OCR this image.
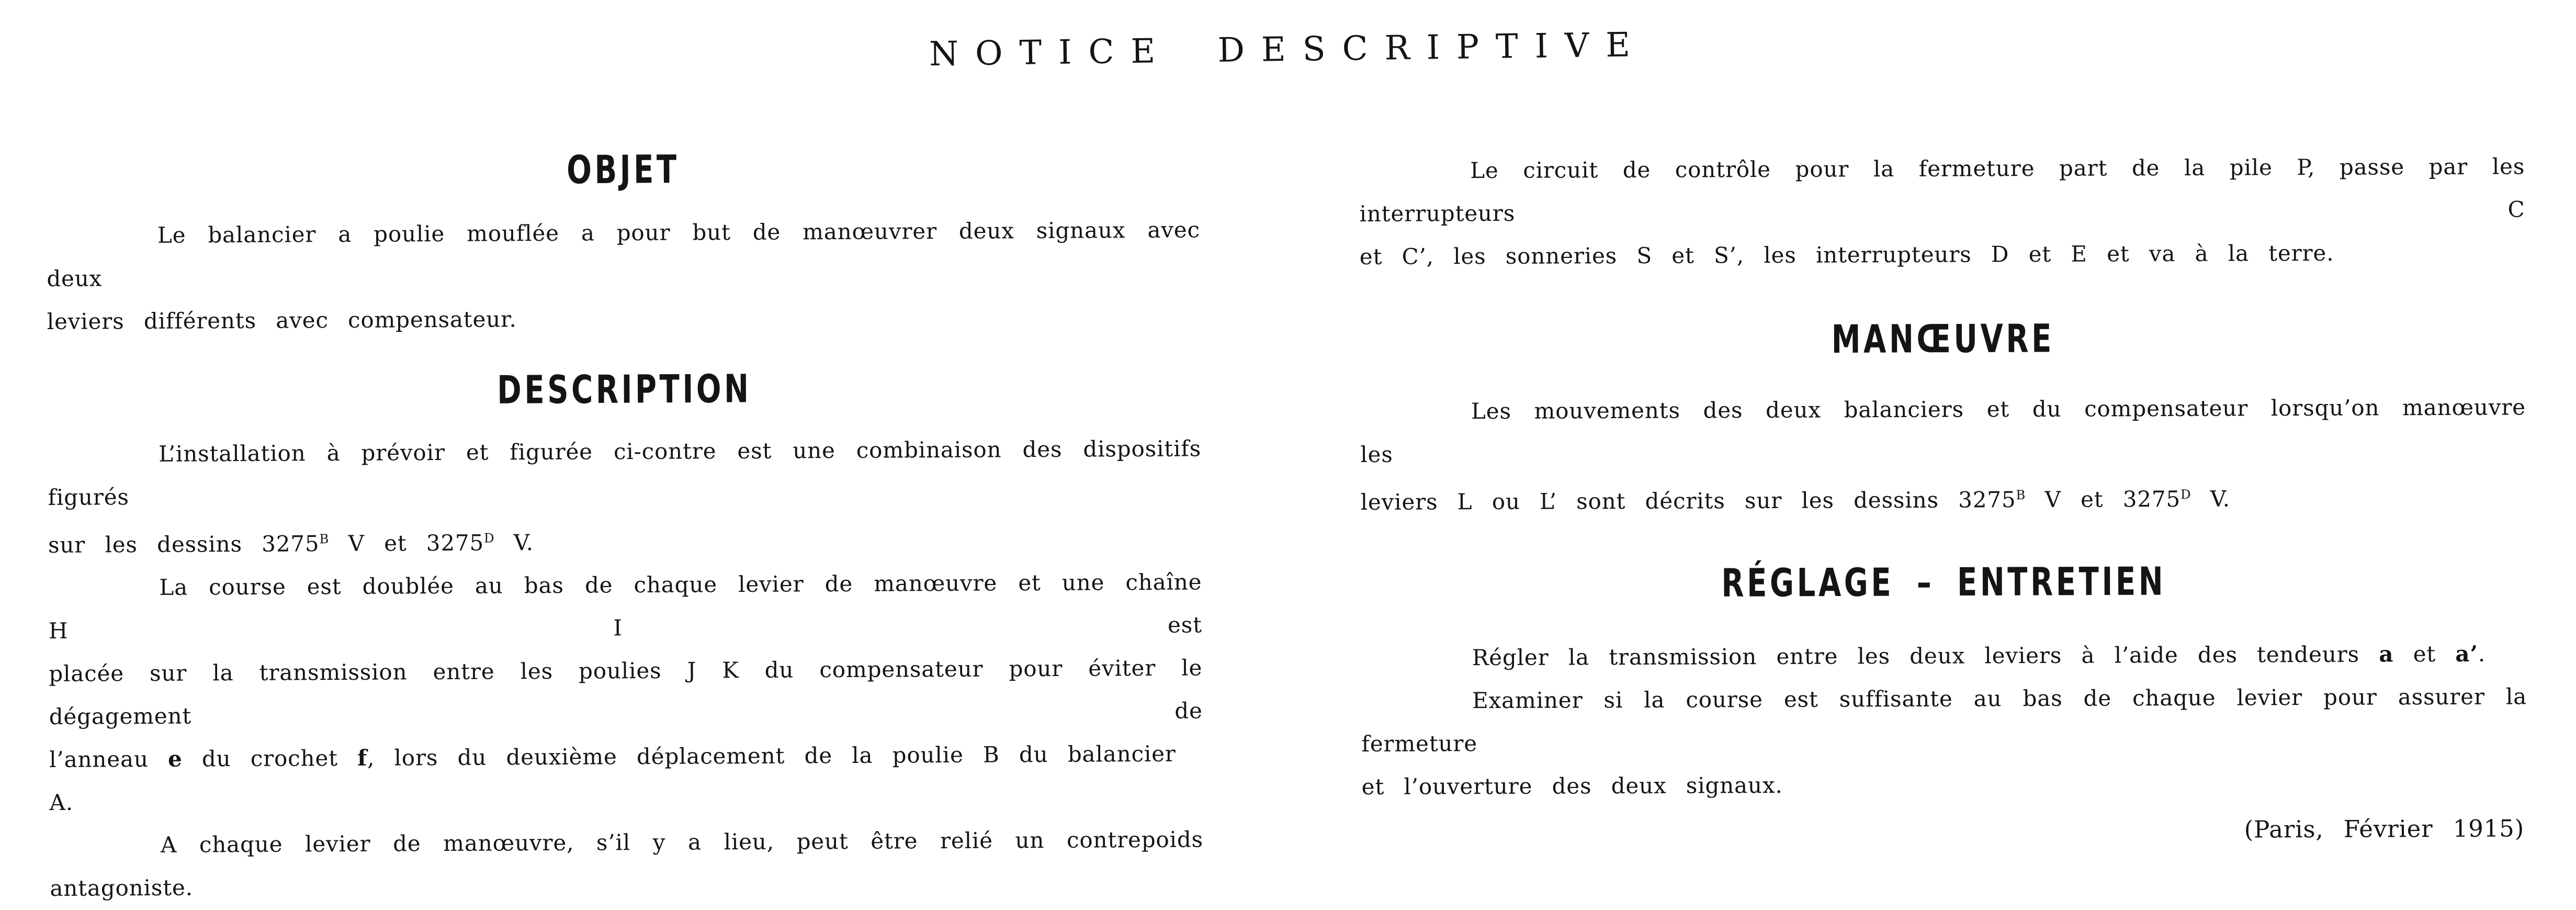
NOTICE DESCRIPTIVE
OBJET

Le balancier a poulie mouflée a pour but de manœuvrer deux signaux avec deux
leviers différents avec compensateur.

DESCRIPTION

L’installation à prévoir et figurée ci-contre est une combinaison des dispositifs figurés
sur les dessins $3275^B$ V et $3275^D$ V.

La course est doublée au bas de chaque levier de manœuvre et une chaîne H I est
placée sur la transmission entre les poulies J K du compensateur pour éviter le dégagement de
l’anneau e du crochet f, lors du deuxième déplacement de la poulie B du balancier A.

A chaque levier de manœuvre, s’il y a lieu, peut être relié un contrepoids
antagoniste.

Le circuit de contrôle pour la fermeture part de la pile P, passe par les interrupteurs C
et C’, les sonneries S et S’, les interrupteurs D et E et va à la terre.

MANŒUVRE

Les mouvements des deux balanciers et du compensateur lorsqu’on manœuvre les
leviers L ou L’ sont décrits sur les dessins $3275^B$ V et $3275^D$ V.

RÉGLAGE – ENTRETIEN

Régler la transmission entre les deux leviers à l’aide des tendeurs a et a’.

Examiner si la course est suffisante au bas de chaque levier pour assurer la fermeture
et l’ouverture des deux signaux.

(Paris, Février 1915)
